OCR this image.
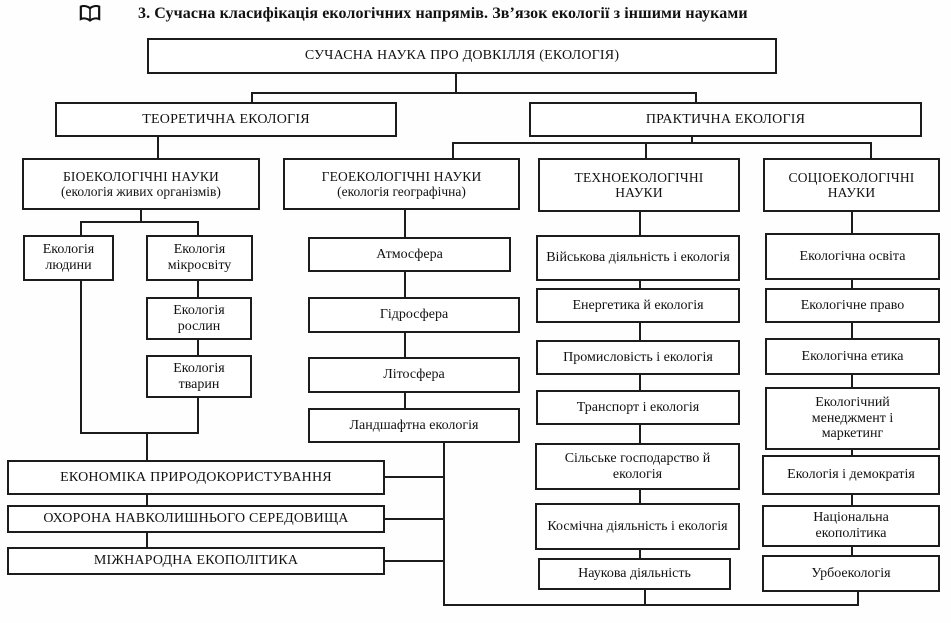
3. Сучасна класифікація екологічних напрямів. Зв’язок екології з іншими науками
СУЧАСНА НАУКА ПРО ДОВКІЛЛЯ (ЕКОЛОГІЯ)
ТЕОРЕТИЧНА ЕКОЛОГІЯ	ПРАКТИЧНА ЕКОЛОГІЯ
БІОЕКОЛОГІЧНІ НАУКИ
(екологія живих організмів)
ГЕОЕКОЛОГІЧНІ НАУКИ
(екологія географічна)
ТЕХНОЕКОЛОГІЧНІ НАУКИ
СОЦІОЕКОЛОГІЧНІ НАУКИ
Екологія людини
Екологія мікросвіту
Екологія рослин
Екологія тварин
Атмосфера
Гідросфера
Літосфера
Ландшафтна екологія
Військова діяльність і екологія
Енергетика й екологія
Промисловість і екологія
Транспорт і екологія
Сільське господарство й екологія
Космічна діяльність і екологія
Наукова діяльність
Екологічна освіта
Екологічне право
Екологічна етика
Екологічний менеджмент і маркетинг
Екологія і демократія
Національна екополітика
Урбоекологія
ЕКОНОМІКА ПРИРОДОКОРИСТУВАННЯ
ОХОРОНА НАВКОЛИШНЬОГО СЕРЕДОВИЩА
МІЖНАРОДНА ЕКОПОЛІТИКА
